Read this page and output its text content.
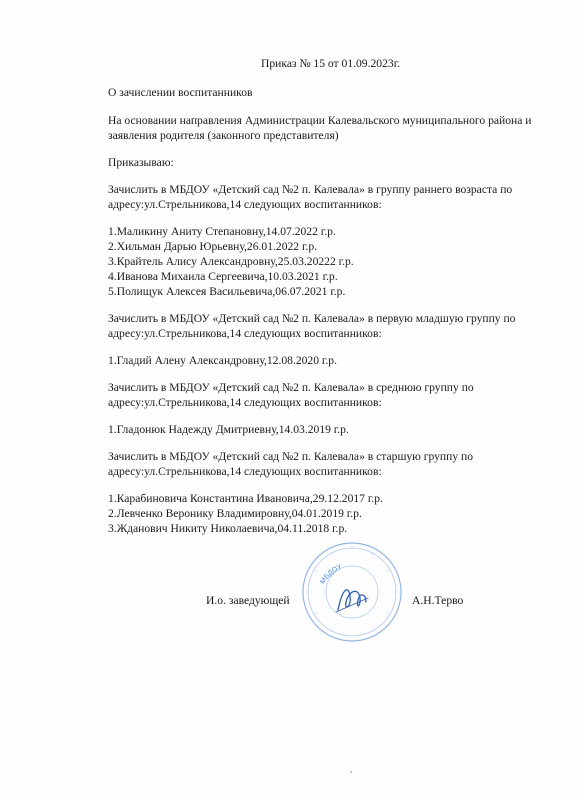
Приказ № 15 от 01.09.2023г.
О зачислении воспитанников
На основании направления Администрации Калевальского муниципального района и
заявления родителя (законного представителя)
Приказываю:
Зачислить в МБДОУ «Детский сад №2 п. Калевала» в группу раннего возраста по
адресу:ул.Стрельникова,14 следующих воспитанников:
1.Маликину Аниту Степановну,14.07.2022 г.р.
2.Хильман Дарью Юрьевну,26.01.2022 г.р.
3.Крайтель Алису Александровну,25.03.20222 г.р.
4.Иванова Михаила Сергеевича,10.03.2021 г.р.
5.Полищук Алексея Васильевича,06.07.2021 г.р.
Зачислить в МБДОУ «Детский сад №2 п. Калевала» в первую младшую группу по
адресу:ул.Стрельникова,14 следующих воспитанников:
1.Гладий Алену Александровну,12.08.2020 г.р.
Зачислить в МБДОУ «Детский сад №2 п. Калевала» в среднюю группу по
адресу:ул.Стрельникова,14 следующих воспитанников:
1.Гладонюк Надежду Дмитриевну,14.03.2019 г.р.
Зачислить в МБДОУ «Детский сад №2 п. Калевала» в старшую группу по
адресу:ул.Стрельникова,14 следующих воспитанников:
1.Карабиновича Константина Ивановича,29.12.2017 г.р.
2.Левченко Веронику Владимировну,04.01.2019 г.р.
3.Жданович Никиту Николаевича,04.11.2018 г.р.
И.о. заведующей
МБДОУ
А.Н.Терво
